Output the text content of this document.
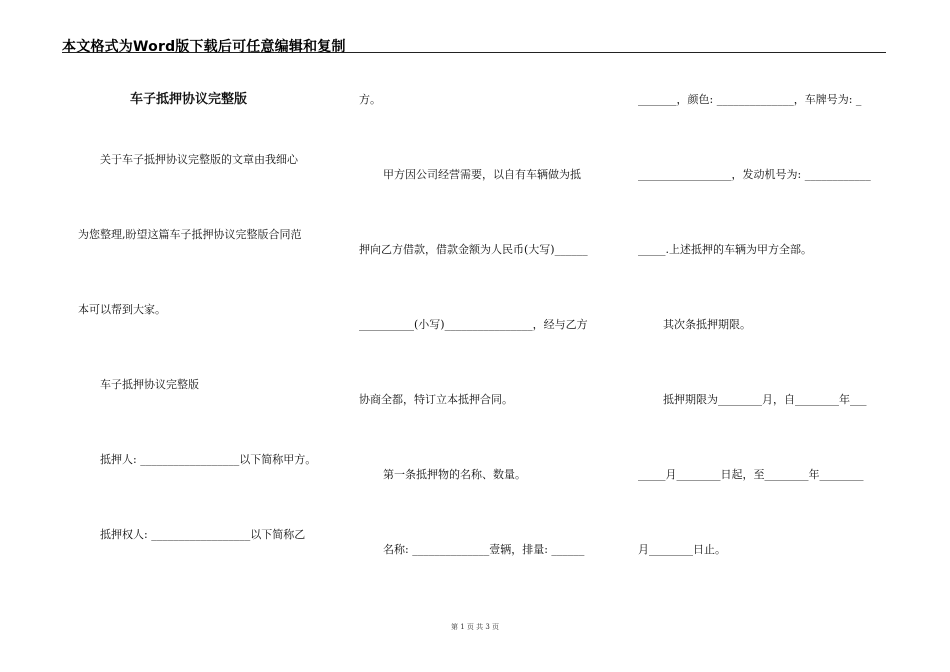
本文格式为Word版下载后可任意编辑和复制
车子抵押协议完整版
关于车子抵押协议完整版的文章由我细心
为您整理,盼望这篇车子抵押协议完整版合同范
本可以帮到大家。
车子抵押协议完整版
抵押人: __________________以下简称甲方。
抵押权人: __________________以下简称乙
方。
甲方因公司经营需要，以自有车辆做为抵
押向乙方借款，借款金额为人民币(大写)______
__________(小写)________________，经与乙方
协商全都，特订立本抵押合同。
第一条抵押物的名称、数量。
名称: ______________壹辆，排量: ______
_______，颜色: ______________，车牌号为: _
_________________，发动机号为: ____________
_____.上述抵押的车辆为甲方全部。
其次条抵押期限。
抵押期限为________月，自________年___
_____月________日起，至________年________
月________日止。
第 1 页 共 3 页
